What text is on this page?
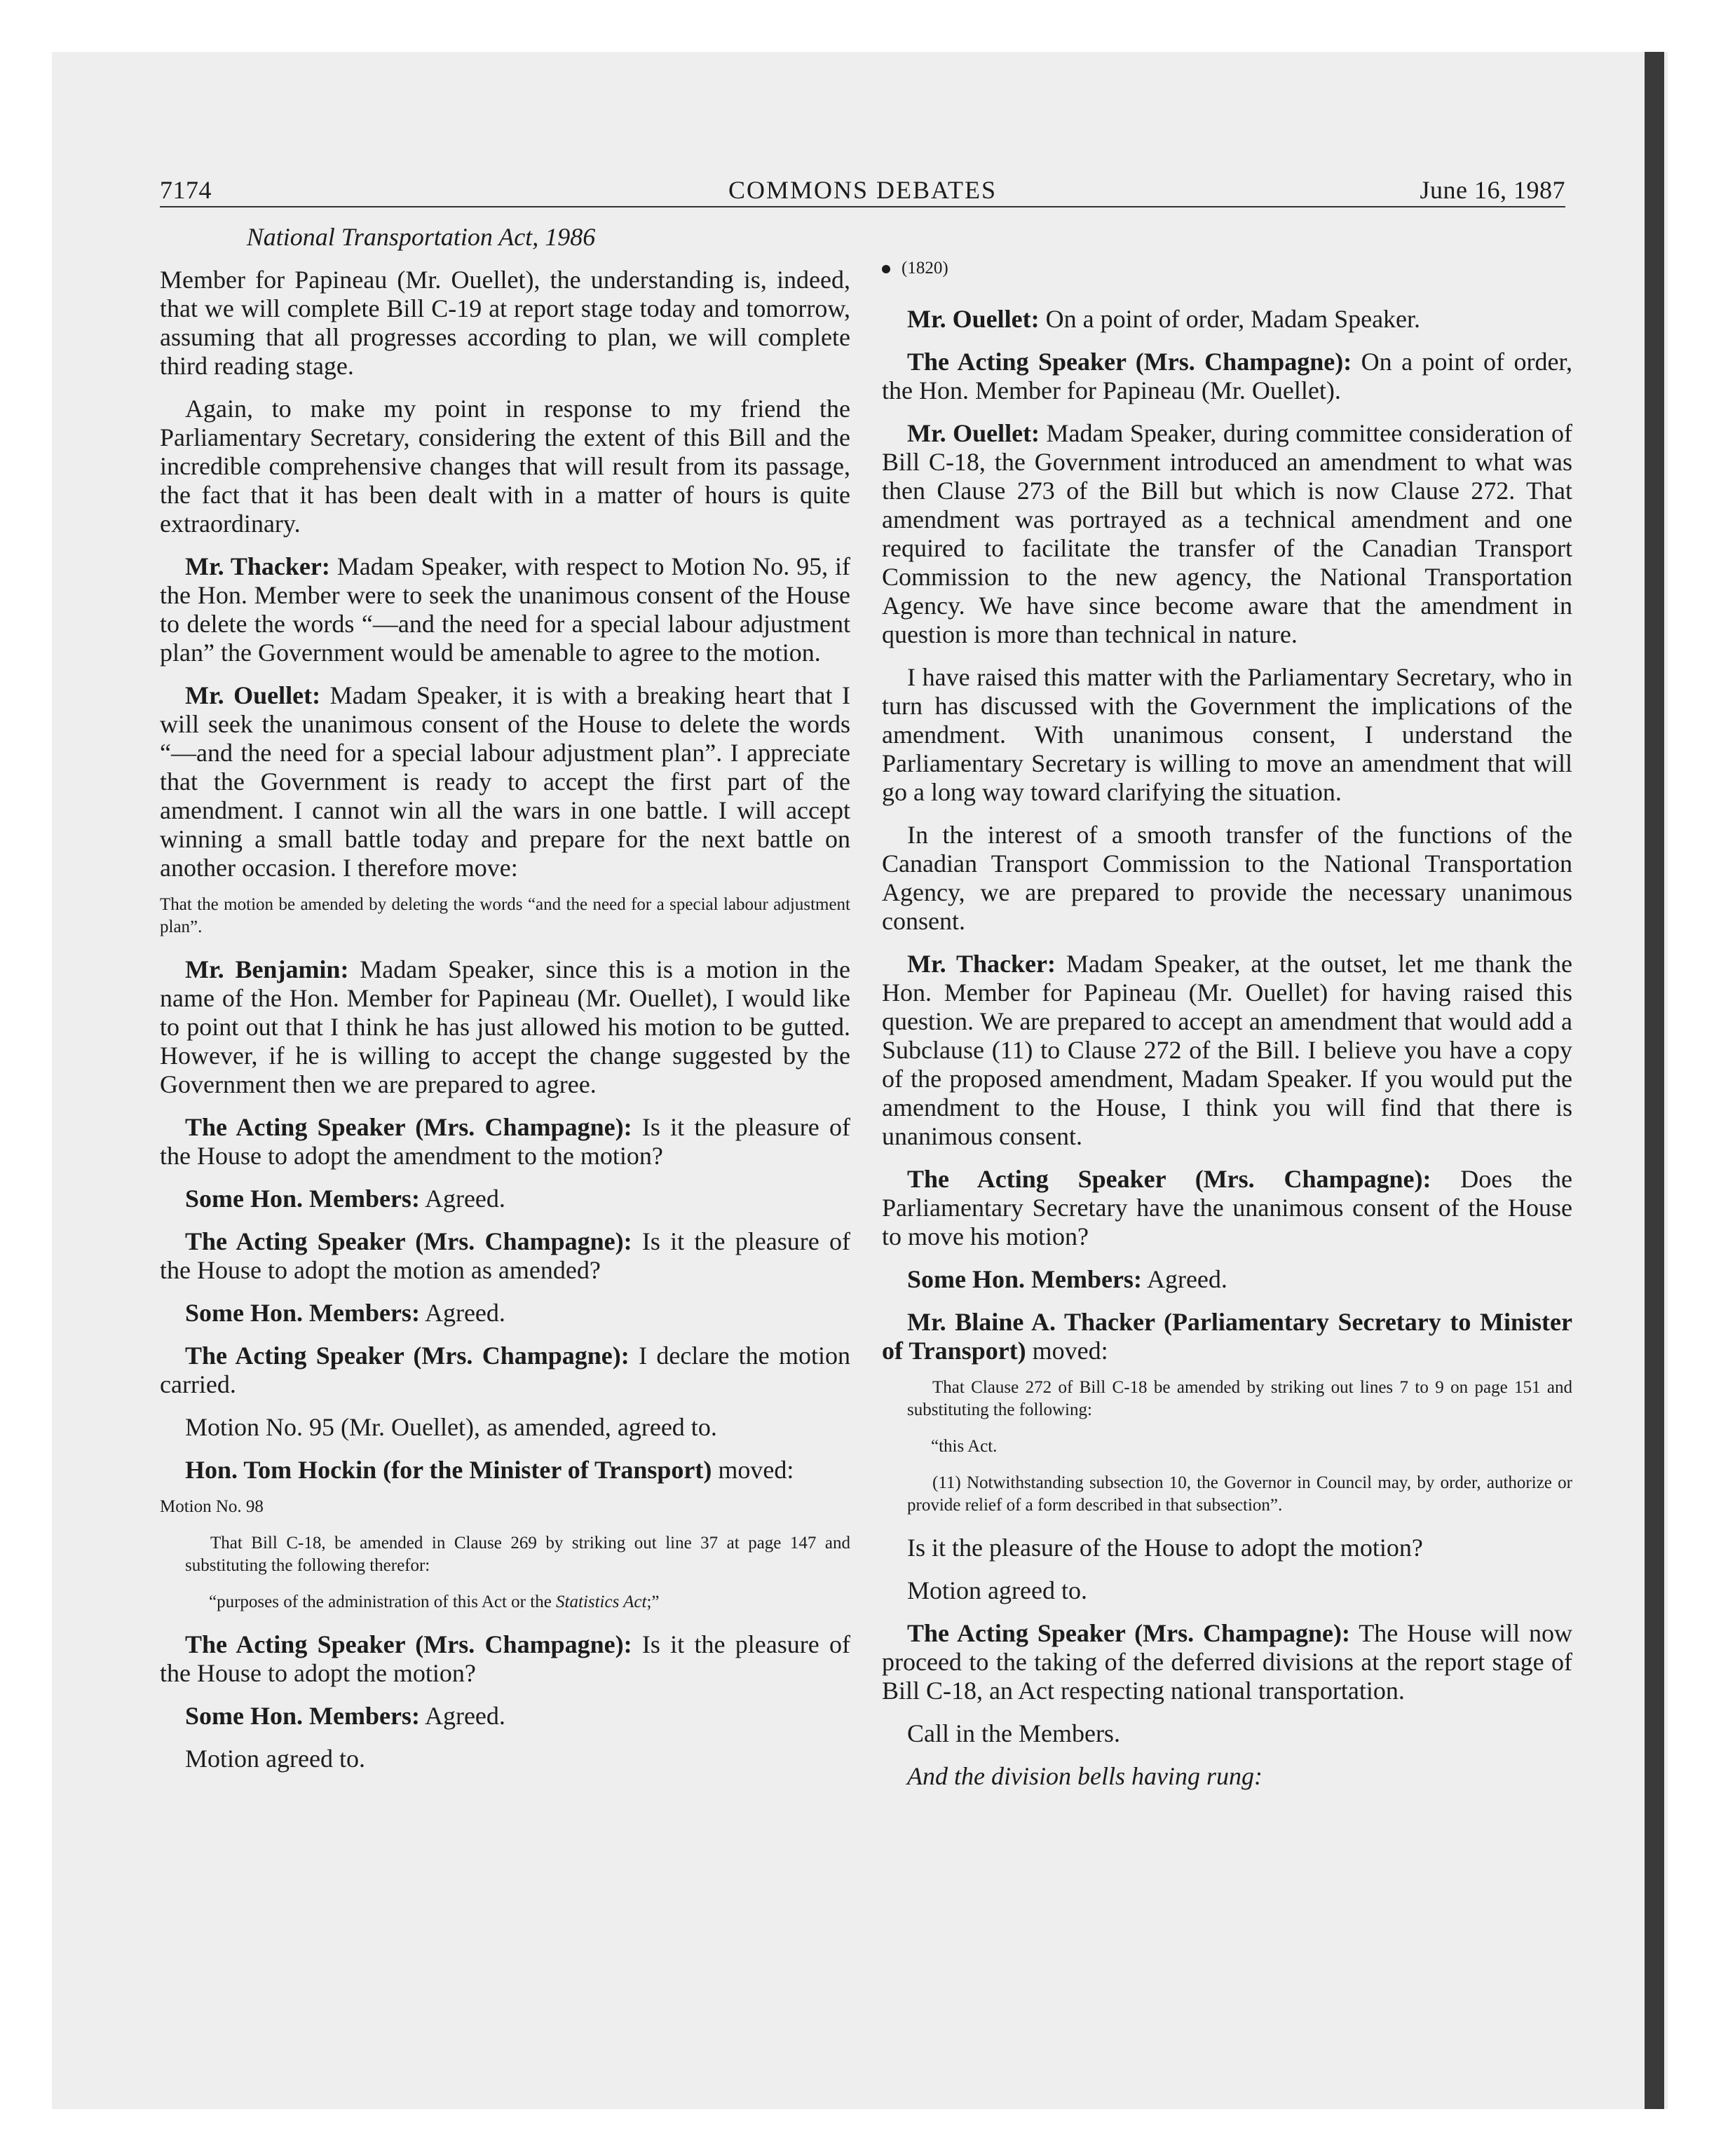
7174	COMMONS DEBATES	June 16, 1987
National Transportation Act, 1986

Member for Papineau (Mr. Ouellet), the understanding is, indeed, that we will complete Bill C-19 at report stage today and tomorrow, assuming that all progresses according to plan, we will complete third reading stage.

Again, to make my point in response to my friend the Parliamentary Secretary, considering the extent of this Bill and the incredible comprehensive changes that will result from its passage, the fact that it has been dealt with in a matter of hours is quite extraordinary.

Mr. Thacker: Madam Speaker, with respect to Motion No. 95, if the Hon. Member were to seek the unanimous consent of the House to delete the words “—and the need for a special labour adjustment plan” the Government would be amenable to agree to the motion.

Mr. Ouellet: Madam Speaker, it is with a breaking heart that I will seek the unanimous consent of the House to delete the words “—and the need for a special labour adjustment plan”. I appreciate that the Government is ready to accept the first part of the amendment. I cannot win all the wars in one battle. I will accept winning a small battle today and prepare for the next battle on another occasion. I therefore move:

That the motion be amended by deleting the words “and the need for a special labour adjustment plan”.

Mr. Benjamin: Madam Speaker, since this is a motion in the name of the Hon. Member for Papineau (Mr. Ouellet), I would like to point out that I think he has just allowed his motion to be gutted. However, if he is willing to accept the change suggested by the Government then we are prepared to agree.

The Acting Speaker (Mrs. Champagne): Is it the pleasure of the House to adopt the amendment to the motion?

Some Hon. Members: Agreed.

The Acting Speaker (Mrs. Champagne): Is it the pleasure of the House to adopt the motion as amended?

Some Hon. Members: Agreed.

The Acting Speaker (Mrs. Champagne): I declare the motion carried.

Motion No. 95 (Mr. Ouellet), as amended, agreed to.

Hon. Tom Hockin (for the Minister of Transport) moved:

Motion No. 98
That Bill C-18, be amended in Clause 269 by striking out line 37 at page 147 and substituting the following therefor:
“purposes of the administration of this Act or the Statistics Act;”

The Acting Speaker (Mrs. Champagne): Is it the pleasure of the House to adopt the motion?

Some Hon. Members: Agreed.

Motion agreed to.

(1820)

Mr. Ouellet: On a point of order, Madam Speaker.

The Acting Speaker (Mrs. Champagne): On a point of order, the Hon. Member for Papineau (Mr. Ouellet).

Mr. Ouellet: Madam Speaker, during committee consideration of Bill C-18, the Government introduced an amendment to what was then Clause 273 of the Bill but which is now Clause 272. That amendment was portrayed as a technical amendment and one required to facilitate the transfer of the Canadian Transport Commission to the new agency, the National Transportation Agency. We have since become aware that the amendment in question is more than technical in nature.

I have raised this matter with the Parliamentary Secretary, who in turn has discussed with the Government the implications of the amendment. With unanimous consent, I understand the Parliamentary Secretary is willing to move an amendment that will go a long way toward clarifying the situation.

In the interest of a smooth transfer of the functions of the Canadian Transport Commission to the National Transportation Agency, we are prepared to provide the necessary unanimous consent.

Mr. Thacker: Madam Speaker, at the outset, let me thank the Hon. Member for Papineau (Mr. Ouellet) for having raised this question. We are prepared to accept an amendment that would add a Subclause (11) to Clause 272 of the Bill. I believe you have a copy of the proposed amendment, Madam Speaker. If you would put the amendment to the House, I think you will find that there is unanimous consent.

The Acting Speaker (Mrs. Champagne): Does the Parliamentary Secretary have the unanimous consent of the House to move his motion?

Some Hon. Members: Agreed.

Mr. Blaine A. Thacker (Parliamentary Secretary to Minister of Transport) moved:

That Clause 272 of Bill C-18 be amended by striking out lines 7 to 9 on page 151 and substituting the following:
“this Act.
(11) Notwithstanding subsection 10, the Governor in Council may, by order, authorize or provide relief of a form described in that subsection”.

Is it the pleasure of the House to adopt the motion?

Motion agreed to.

The Acting Speaker (Mrs. Champagne): The House will now proceed to the taking of the deferred divisions at the report stage of Bill C-18, an Act respecting national transportation.

Call in the Members.

And the division bells having rung:
